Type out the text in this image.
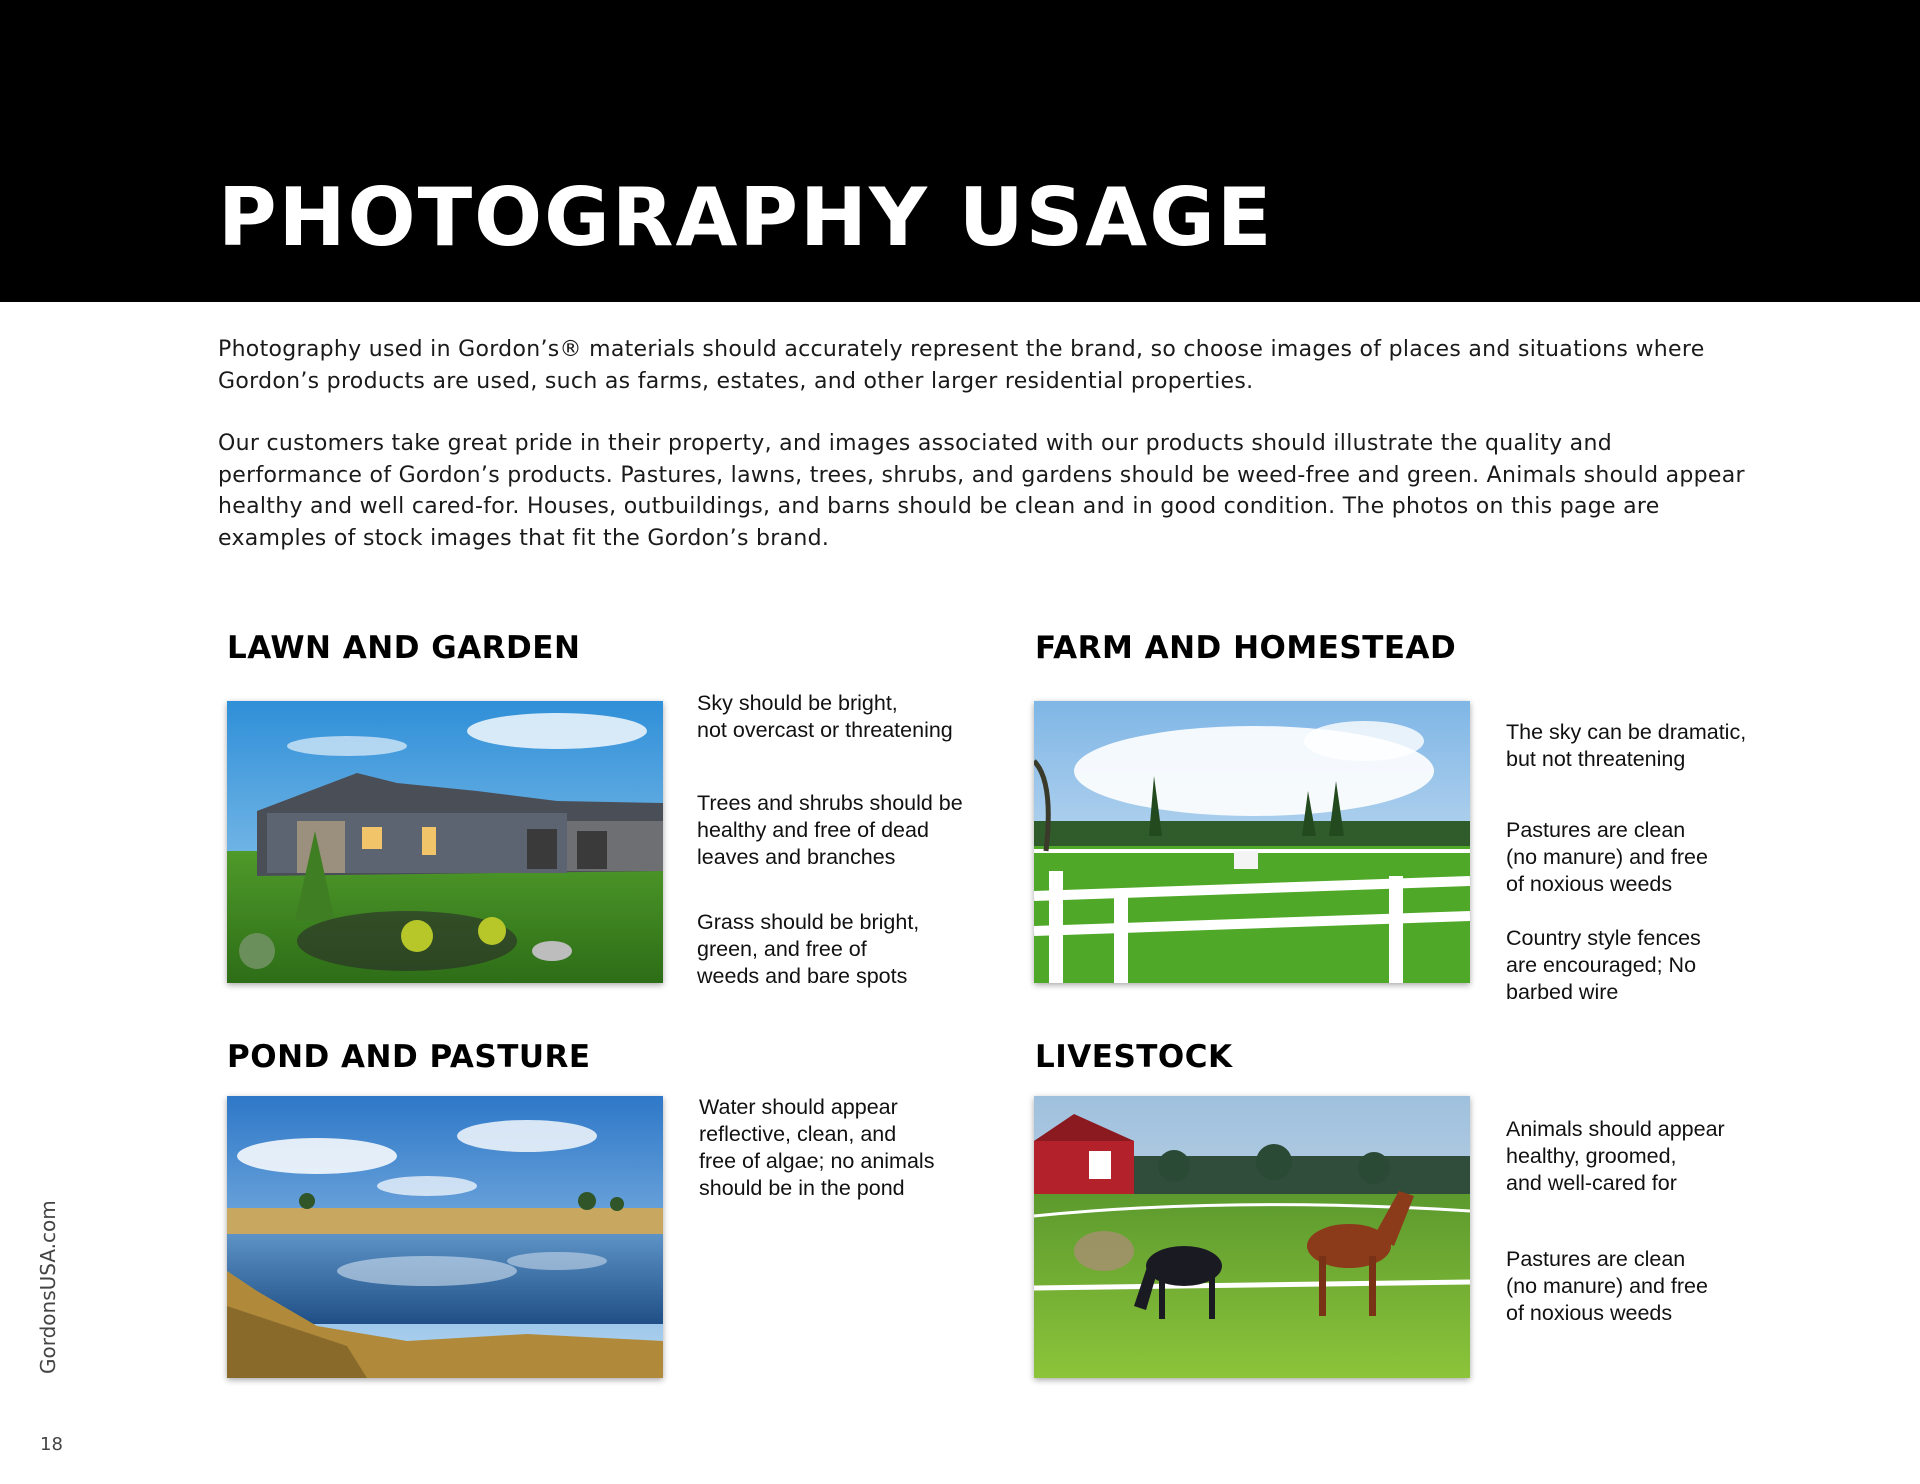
PHOTOGRAPHY USAGE

Photography used in Gordon’s® materials should accurately represent the brand, so choose images of places and situations where Gordon’s products are used, such as farms, estates, and other larger residential properties.

Our customers take great pride in their property, and images associated with our products should illustrate the quality and performance of Gordon’s products. Pastures, lawns, trees, shrubs, and gardens should be weed-free and green. Animals should appear healthy and well cared-for. Houses, outbuildings, and barns should be clean and in good condition. The photos on this page are examples of stock images that fit the Gordon’s brand.

LAWN AND GARDEN

Sky should be bright,
not overcast or threatening

Trees and shrubs should be
healthy and free of dead
leaves and branches

Grass should be bright,
green, and free of
weeds and bare spots

FARM AND HOMESTEAD

The sky can be dramatic,
but not threatening

Pastures are clean
(no manure) and free
of noxious weeds

Country style fences
are encouraged; No
barbed wire

POND AND PASTURE

Water should appear
reflective, clean, and
free of algae; no animals
should be in the pond

LIVESTOCK

Animals should appear
healthy, groomed,
and well-cared for

Pastures are clean
(no manure) and free
of noxious weeds

GordonsUSA.com
18
